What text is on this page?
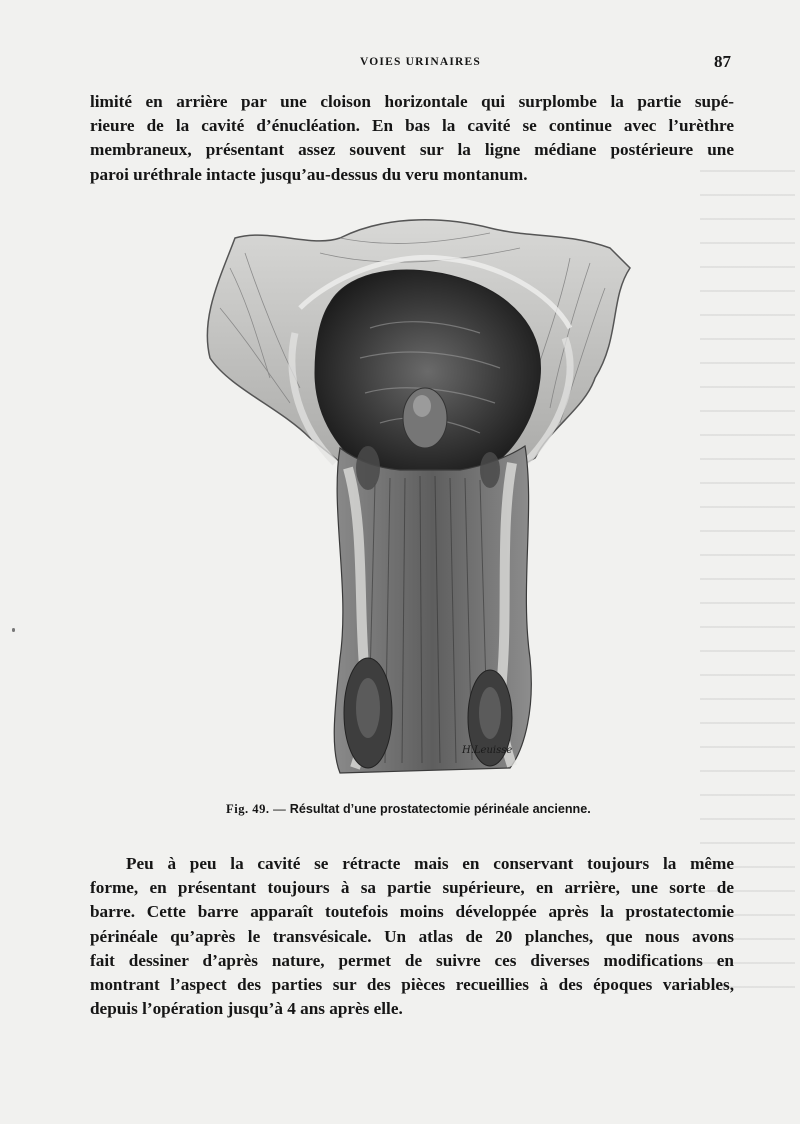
VOIES URINAIRES	87
limité en arrière par une cloison horizontale qui surplombe la partie supé-
rieure de la cavité d’énucléation. En bas la cavité se continue avec l’urèthre
membraneux, présentant assez souvent sur la ligne médiane postérieure une
paroi uréthrale intacte jusqu’au-dessus du veru montanum.
H.Leuisse
Fig. 49. — Résultat d’une prostatectomie périnéale ancienne.
Peu à peu la cavité se rétracte mais en conservant toujours la même
forme, en présentant toujours à sa partie supérieure, en arrière, une sorte de
barre. Cette barre apparaît toutefois moins développée après la prostatectomie
périnéale qu’après le transvésicale. Un atlas de 20 planches, que nous avons
fait dessiner d’après nature, permet de suivre ces diverses modifications en
montrant l’aspect des parties sur des pièces recueillies à des époques variables,
depuis l’opération jusqu’à 4 ans après elle.
